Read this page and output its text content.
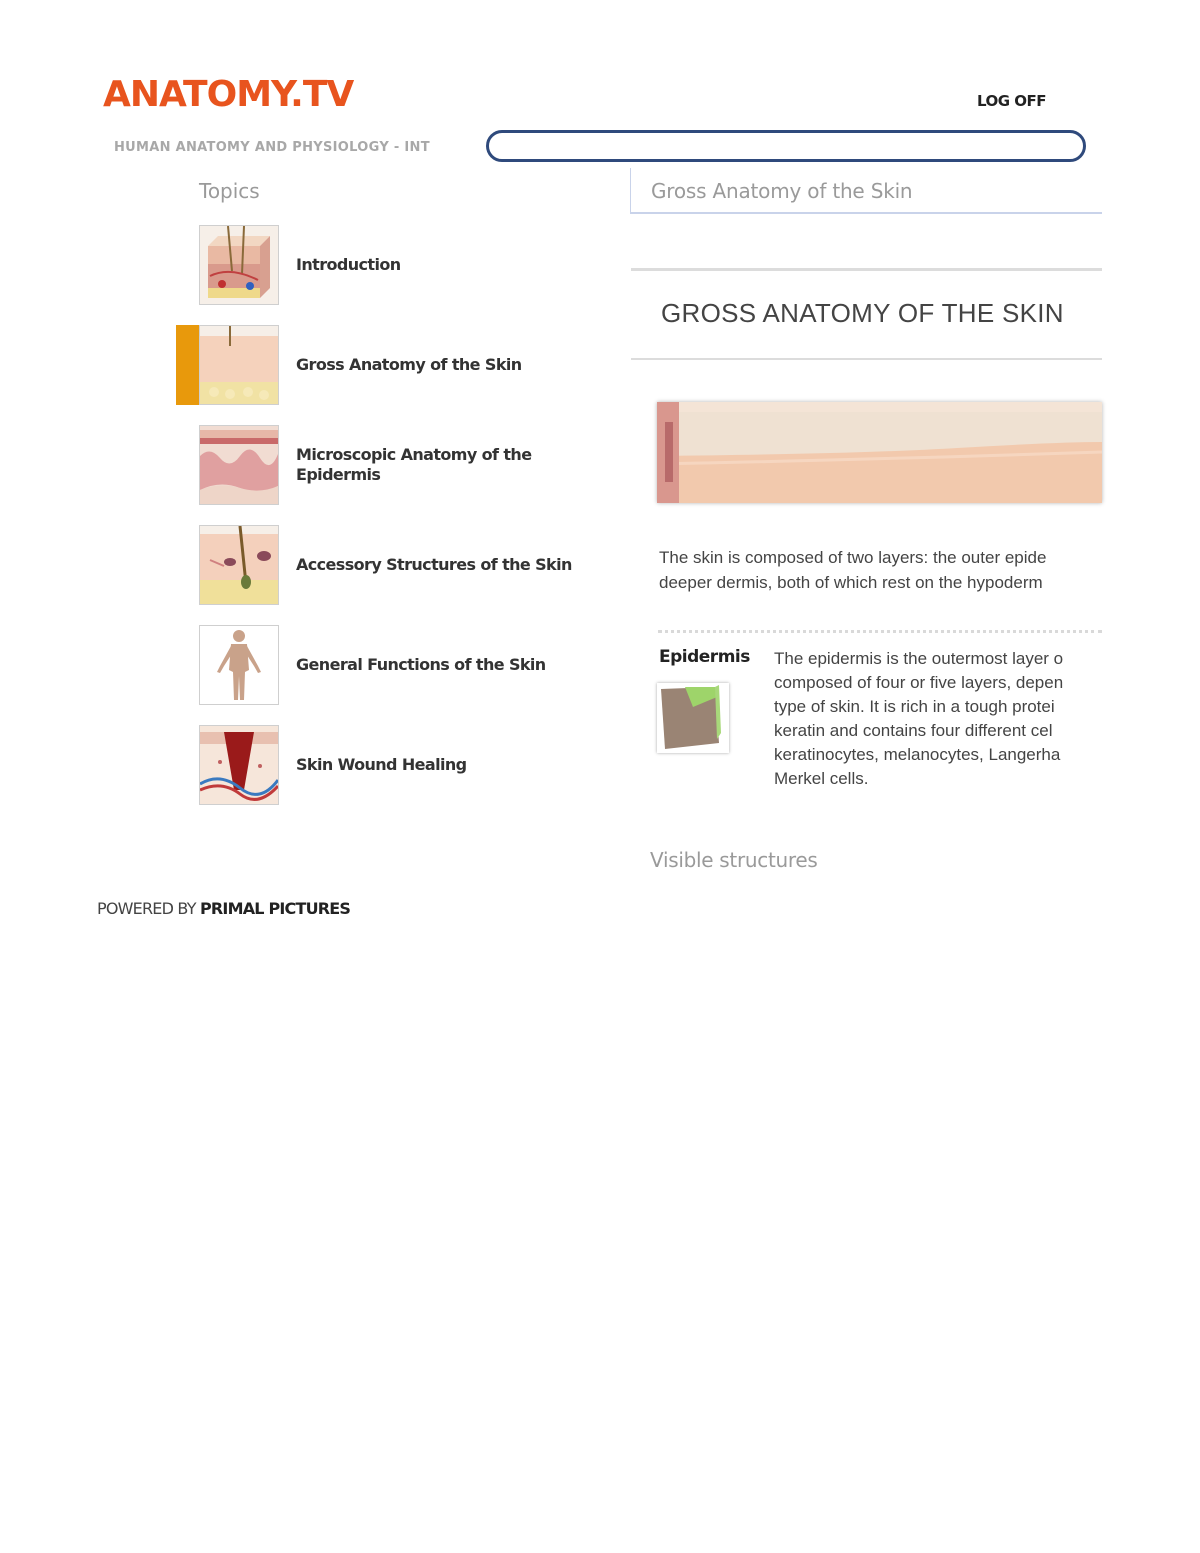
ANATOMY.TV	LOG OFF
HUMAN ANATOMY AND PHYSIOLOGY - INT
Topics
Introduction
Gross Anatomy of the Skin
Microscopic Anatomy of the Epidermis
Accessory Structures of the Skin
General Functions of the Skin
Skin Wound Healing
Gross Anatomy of the Skin
GROSS ANATOMY OF THE SKIN
The skin is composed of two layers: the outer epide
deeper dermis, both of which rest on the hypoderm
Epidermis The epidermis is the outermost layer o
composed of four or five layers, depen
type of skin. It is rich in a tough protei
keratin and contains four different cel
keratinocytes, melanocytes, Langerha
Merkel cells.
Visible structures
POWERED BY PRIMAL PICTURES
